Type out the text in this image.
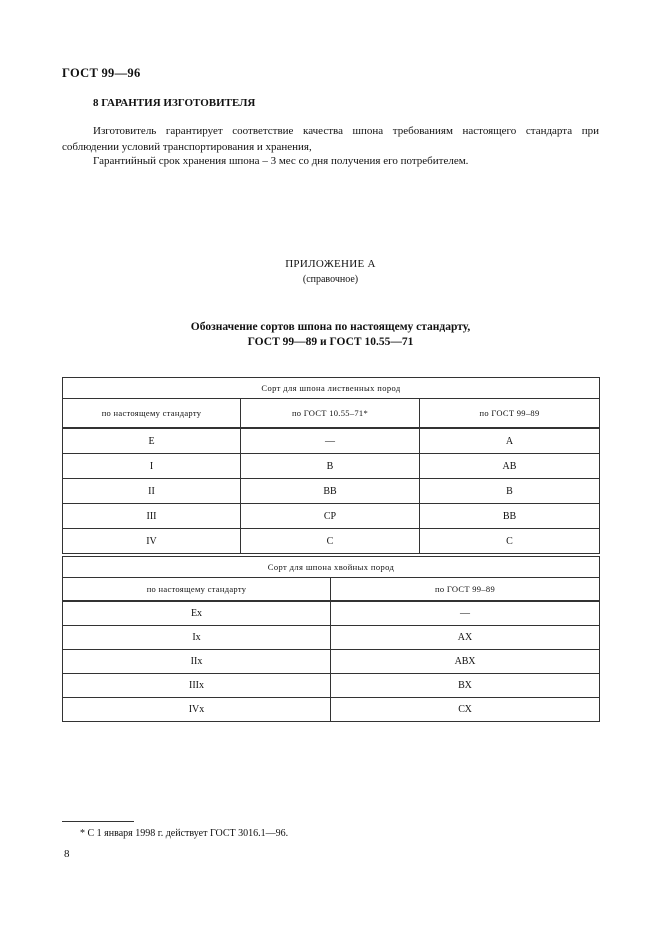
ГОСТ 99—96
8 ГАРАНТИЯ ИЗГОТОВИТЕЛЯ
Изготовитель гарантирует соответствие качества шпона требованиям настоящего стандарта при соблюдении условий транспортирования и хранения,
Гарантийный срок хранения шпона – 3 мес со дня получения его потребителем.
ПРИЛОЖЕНИЕ А
(справочное)
Обозначение сортов шпона по настоящему стандарту,
ГОСТ 99—89 и ГОСТ 10.55—71
Сорт для шпона лиственных пород		
по настоящему стандарту	по ГОСТ 10.55–71*	по ГОСТ 99–89
Е	—	А
I	В	АВ
II	ВВ	В
III	СР	ВВ
IV	С	С
Сорт для шпона хвойных пород	
по настоящему стандарту	по ГОСТ 99–89
Ех	—
Iх	АХ
IIх	АВХ
IIIх	ВХ
IVх	СХ
* С 1 января 1998 г. действует ГОСТ 3016.1—96.
8
